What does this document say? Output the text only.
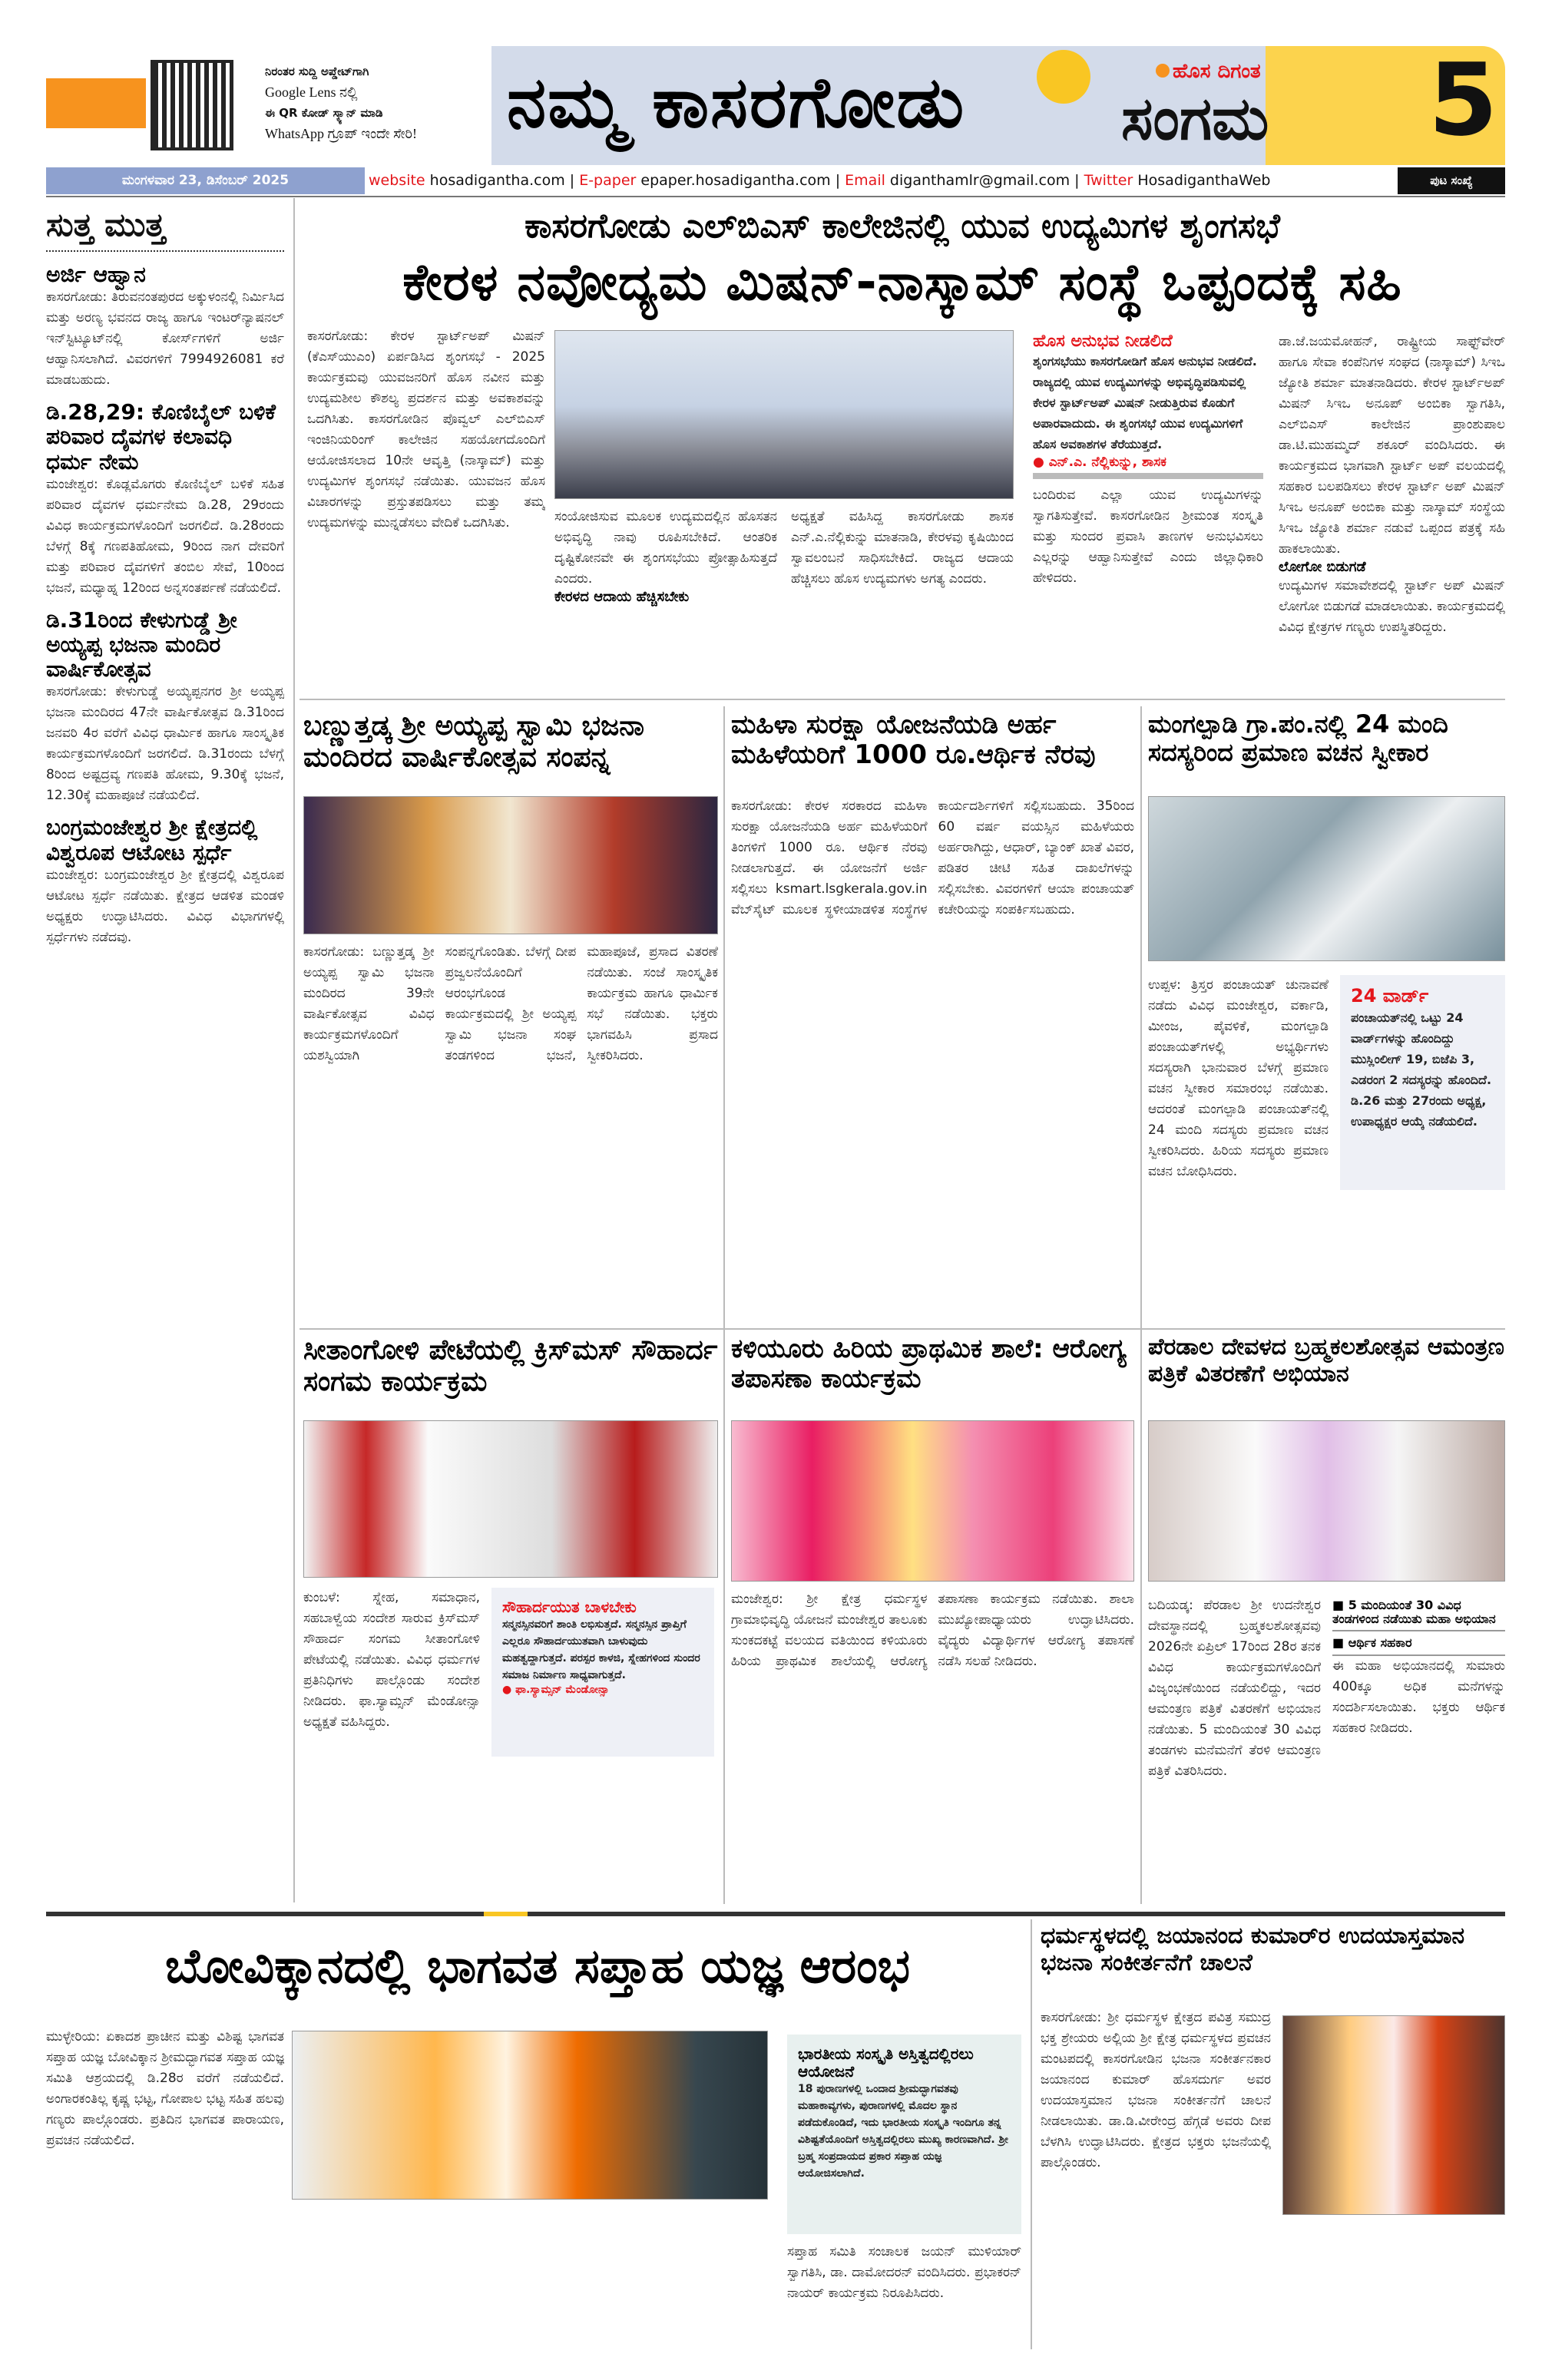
ನಿರಂತರ ಸುದ್ದಿ ಅಪ್ಡೇಟ್‌ಗಾಗಿ
Google Lens ನಲ್ಲಿ
ಈ QR ಕೋಡ್ ಸ್ಕ್ಯಾನ್ ಮಾಡಿ
WhatsApp ಗ್ರೂಪ್ ಇಂದೇ ಸೇರಿ!	ನಮ್ಮ ಕಾಸರಗೋಡು	ಹೊಸ ದಿಗಂತ
ಸಂಗಮ 5
ಮಂಗಳವಾರ 23, ಡಿಸೆಂಬರ್ 2025	website hosadigantha.com | E-paper epaper.hosadigantha.com | Email diganthamlr@gmail.com | Twitter HosadiganthaWeb	ಪುಟ ಸಂಖ್ಯೆ
ಸುತ್ತ ಮುತ್ತ
ಅರ್ಜಿ ಆಹ್ವಾನ

ಕಾಸರಗೋಡು: ತಿರುವನಂತಪುರದ ಅಕ್ಕುಳಂನಲ್ಲಿ ನಿರ್ಮಿಸಿದ ಮತ್ತು ಅರಣ್ಯ ಭವನದ ರಾಜ್ಯ ಹಾಗೂ ಇಂಟರ್‌ನ್ಯಾಷನಲ್ ಇನ್‌ಸ್ಟಿಟ್ಯೂಟ್‌ನಲ್ಲಿ ಕೋರ್ಸ್‌ಗಳಿಗೆ ಅರ್ಜಿ ಆಹ್ವಾನಿಸಲಾಗಿದೆ. ವಿವರಗಳಿಗೆ 7994926081 ಕರೆ ಮಾಡಬಹುದು.

ಡಿ.28,29: ಕೊಣಿಬೈಲ್ ಬಳಿಕೆ ಪರಿವಾರ ದೈವಗಳ ಕಲಾವಧಿ ಧರ್ಮ ನೇಮ

ಮಂಜೇಶ್ವರ: ಕೊಡ್ಲಮೊಗರು ಕೊಣಿಬೈಲ್ ಬಳಿಕೆ ಸಹಿತ ಪರಿವಾರ ದೈವಗಳ ಧರ್ಮನೇಮ ಡಿ.28, 29ರಂದು ವಿವಿಧ ಕಾರ್ಯಕ್ರಮಗಳೊಂದಿಗೆ ಜರಗಲಿದೆ. ಡಿ.28ರಂದು ಬೆಳಗ್ಗೆ 8ಕ್ಕೆ ಗಣಪತಿಹೋಮ, 9ರಿಂದ ನಾಗ ದೇವರಿಗೆ ಮತ್ತು ಪರಿವಾರ ದೈವಗಳಿಗೆ ತಂಬಿಲ ಸೇವೆ, 10ರಿಂದ ಭಜನೆ, ಮಧ್ಯಾಹ್ನ 12ರಿಂದ ಅನ್ನಸಂತರ್ಪಣೆ ನಡೆಯಲಿದೆ.

ಡಿ.31ರಿಂದ ಕೇಳುಗುಡ್ಡೆ ಶ್ರೀ ಅಯ್ಯಪ್ಪ ಭಜನಾ ಮಂದಿರ ವಾರ್ಷಿಕೋತ್ಸವ

ಕಾಸರಗೋಡು: ಕೇಳುಗುಡ್ಡೆ ಅಯ್ಯಪ್ಪನಗರ ಶ್ರೀ ಅಯ್ಯಪ್ಪ ಭಜನಾ ಮಂದಿರದ 47ನೇ ವಾರ್ಷಿಕೋತ್ಸವ ಡಿ.31ರಿಂದ ಜನವರಿ 4ರ ವರೆಗೆ ವಿವಿಧ ಧಾರ್ಮಿಕ ಹಾಗೂ ಸಾಂಸ್ಕೃತಿಕ ಕಾರ್ಯಕ್ರಮಗಳೊಂದಿಗೆ ಜರಗಲಿದೆ. ಡಿ.31ರಂದು ಬೆಳಗ್ಗೆ 8ರಿಂದ ಅಷ್ಟದ್ರವ್ಯ ಗಣಪತಿ ಹೋಮ, 9.30ಕ್ಕೆ ಭಜನೆ, 12.30ಕ್ಕೆ ಮಹಾಪೂಜೆ ನಡೆಯಲಿದೆ.

ಬಂಗ್ರಮಂಜೇಶ್ವರ ಶ್ರೀ ಕ್ಷೇತ್ರದಲ್ಲಿ ವಿಶ್ವರೂಪ ಆಟೋಟ ಸ್ಪರ್ಧೆ

ಮಂಜೇಶ್ವರ: ಬಂಗ್ರಮಂಜೇಶ್ವರ ಶ್ರೀ ಕ್ಷೇತ್ರದಲ್ಲಿ ವಿಶ್ವರೂಪ ಆಟೋಟ ಸ್ಪರ್ಧೆ ನಡೆಯಿತು. ಕ್ಷೇತ್ರದ ಆಡಳಿತ ಮಂಡಳಿ ಅಧ್ಯಕ್ಷರು ಉದ್ಘಾಟಿಸಿದರು. ವಿವಿಧ ವಿಭಾಗಗಳಲ್ಲಿ ಸ್ಪರ್ಧೆಗಳು ನಡೆದವು.

ಕಾಸರಗೋಡು ಎಲ್‌ಬಿಎಸ್ ಕಾಲೇಜಿನಲ್ಲಿ ಯುವ ಉದ್ಯಮಿಗಳ ಶೃಂಗಸಭೆ
ಕೇರಳ ನವೋದ್ಯಮ ಮಿಷನ್-ನಾಸ್ಕಾಮ್ ಸಂಸ್ಥೆ ಒಪ್ಪಂದಕ್ಕೆ ಸಹಿ

ಕಾಸರಗೋಡು: ಕೇರಳ ಸ್ಟಾರ್ಟ್‌ಅಪ್ ಮಿಷನ್ (ಕೆಎಸ್‌ಯುಎಂ) ಏರ್ಪಡಿಸಿದ ಶೃಂಗಸಭೆ - 2025 ಕಾರ್ಯಕ್ರಮವು ಯುವಜನರಿಗೆ ಹೊಸ ನವೀನ ಮತ್ತು ಉದ್ಯಮಶೀಲ ಕೌಶಲ್ಯ ಪ್ರದರ್ಶನ ಮತ್ತು ಅವಕಾಶವನ್ನು ಒದಗಿಸಿತು. ಕಾಸರಗೋಡಿನ ಪೊವ್ವಲ್ ಎಲ್‌ಬಿಎಸ್ ಇಂಜಿನಿಯರಿಂಗ್ ಕಾಲೇಜಿನ ಸಹಯೋಗದೊಂದಿಗೆ ಆಯೋಜಿಸಲಾದ 10ನೇ ಆವೃತ್ತಿ (ನಾಸ್ಕಾಮ್) ಮತ್ತು ಉದ್ಯಮಿಗಳ ಶೃಂಗಸಭೆ ನಡೆಯಿತು. ಯುವಜನ ಹೊಸ ವಿಚಾರಗಳನ್ನು ಪ್ರಸ್ತುತಪಡಿಸಲು ಮತ್ತು ತಮ್ಮ ಉದ್ಯಮಗಳನ್ನು ಮುನ್ನಡೆಸಲು ವೇದಿಕೆ ಒದಗಿಸಿತು.	ಸಂಯೋಜಿಸುವ ಮೂಲಕ ಉದ್ಯಮದಲ್ಲಿನ ಹೊಸತನ ಅಭಿವೃದ್ಧಿ ನಾವು ರೂಪಿಸಬೇಕಿದೆ. ಆಂತರಿಕ ದೃಷ್ಟಿಕೋನವೇ ಈ ಶೃಂಗಸಭೆಯು ಪ್ರೋತ್ಸಾಹಿಸುತ್ತದೆ ಎಂದರು.

ಕೇರಳದ ಆದಾಯ ಹೆಚ್ಚಿಸಬೇಕು

ಅಧ್ಯಕ್ಷತೆ ವಹಿಸಿದ್ದ ಕಾಸರಗೋಡು ಶಾಸಕ ಎನ್.ಎ.ನೆಲ್ಲಿಕುನ್ನು ಮಾತನಾಡಿ, ಕೇರಳವು ಕೃಷಿಯಿಂದ ಸ್ವಾವಲಂಬನೆ ಸಾಧಿಸಬೇಕಿದೆ. ರಾಜ್ಯದ ಆದಾಯ ಹೆಚ್ಚಿಸಲು ಹೊಸ ಉದ್ಯಮಗಳು ಅಗತ್ಯ ಎಂದರು.

ಹೊಸ ಅನುಭವ ನೀಡಲಿದೆ

ಶೃಂಗಸಭೆಯು ಕಾಸರಗೋಡಿಗೆ ಹೊಸ ಅನುಭವ ನೀಡಲಿದೆ. ರಾಜ್ಯದಲ್ಲಿ ಯುವ ಉದ್ಯಮಿಗಳನ್ನು ಅಭಿವೃದ್ಧಿಪಡಿಸುವಲ್ಲಿ ಕೇರಳ ಸ್ಟಾರ್ಟ್‌ಅಪ್ ಮಿಷನ್ ನೀಡುತ್ತಿರುವ ಕೊಡುಗೆ ಅಪಾರವಾದುದು. ಈ ಶೃಂಗಸಭೆ ಯುವ ಉದ್ಯಮಿಗಳಿಗೆ ಹೊಸ ಅವಕಾಶಗಳ ತೆರೆಯುತ್ತದೆ.

● ಎನ್.ಎ. ನೆಲ್ಲಿಕುನ್ನು, ಶಾಸಕ

ಬಂದಿರುವ ಎಲ್ಲಾ ಯುವ ಉದ್ಯಮಿಗಳನ್ನು ಸ್ವಾಗತಿಸುತ್ತೇವೆ. ಕಾಸರಗೋಡಿನ ಶ್ರೀಮಂತ ಸಂಸ್ಕೃತಿ ಮತ್ತು ಸುಂದರ ಪ್ರವಾಸಿ ತಾಣಗಳ ಅನುಭವಿಸಲು ಎಲ್ಲರನ್ನು ಆಹ್ವಾನಿಸುತ್ತೇವೆ ಎಂದು ಜಿಲ್ಲಾಧಿಕಾರಿ ಹೇಳಿದರು.

ಡಾ.ಜೆ.ಜಯಮೋಹನ್, ರಾಷ್ಟ್ರೀಯ ಸಾಫ್ಟ್‌ವೇರ್ ಹಾಗೂ ಸೇವಾ ಕಂಪೆನಿಗಳ ಸಂಘದ (ನಾಸ್ಕಾಮ್) ಸಿಇಒ ಜ್ಯೋತಿ ಶರ್ಮಾ ಮಾತನಾಡಿದರು. ಕೇರಳ ಸ್ಟಾರ್ಟ್‌ಅಪ್ ಮಿಷನ್ ಸಿಇಒ ಅನೂಪ್ ಅಂಬಿಕಾ ಸ್ವಾಗತಿಸಿ, ಎಲ್‌ಬಿಎಸ್ ಕಾಲೇಜಿನ ಪ್ರಾಂಶುಪಾಲ ಡಾ.ಟಿ.ಮುಹಮ್ಮದ್ ಶಕೂರ್ ವಂದಿಸಿದರು. ಈ ಕಾರ್ಯಕ್ರಮದ ಭಾಗವಾಗಿ ಸ್ಟಾರ್ಟ್ ಅಪ್ ವಲಯದಲ್ಲಿ ಸಹಕಾರ ಬಲಪಡಿಸಲು ಕೇರಳ ಸ್ಟಾರ್ಟ್ ಅಪ್ ಮಿಷನ್ ಸಿಇಒ ಅನೂಪ್ ಅಂಬಿಕಾ ಮತ್ತು ನಾಸ್ಕಾಮ್ ಸಂಸ್ಥೆಯ ಸಿಇಒ ಜ್ಯೋತಿ ಶರ್ಮಾ ನಡುವೆ ಒಪ್ಪಂದ ಪತ್ರಕ್ಕೆ ಸಹಿ ಹಾಕಲಾಯಿತು.

ಲೋಗೋ ಬಿಡುಗಡೆ

ಉದ್ಯಮಿಗಳ ಸಮಾವೇಶದಲ್ಲಿ ಸ್ಟಾರ್ಟ್ ಅಪ್ ಮಿಷನ್ ಲೋಗೋ ಬಿಡುಗಡೆ ಮಾಡಲಾಯಿತು. ಕಾರ್ಯಕ್ರಮದಲ್ಲಿ ವಿವಿಧ ಕ್ಷೇತ್ರಗಳ ಗಣ್ಯರು ಉಪಸ್ಥಿತರಿದ್ದರು.

ಬಣ್ಣುತ್ತಡ್ಕ ಶ್ರೀ ಅಯ್ಯಪ್ಪ ಸ್ವಾಮಿ ಭಜನಾ ಮಂದಿರದ ವಾರ್ಷಿಕೋತ್ಸವ ಸಂಪನ್ನ

ಕಾಸರಗೋಡು: ಬಣ್ಣುತ್ತಡ್ಕ ಶ್ರೀ ಅಯ್ಯಪ್ಪ ಸ್ವಾಮಿ ಭಜನಾ ಮಂದಿರದ 39ನೇ ವಾರ್ಷಿಕೋತ್ಸವ ವಿವಿಧ ಕಾರ್ಯಕ್ರಮಗಳೊಂದಿಗೆ ಯಶಸ್ವಿಯಾಗಿ ಸಂಪನ್ನಗೊಂಡಿತು. ಬೆಳಗ್ಗೆ ದೀಪ ಪ್ರಜ್ವಲನೆಯೊಂದಿಗೆ ಆರಂಭಗೊಂಡ ಕಾರ್ಯಕ್ರಮದಲ್ಲಿ ಶ್ರೀ ಅಯ್ಯಪ್ಪ ಸ್ವಾಮಿ ಭಜನಾ ಸಂಘ ತಂಡಗಳಿಂದ ಭಜನೆ, ಮಹಾಪೂಜೆ, ಪ್ರಸಾದ ವಿತರಣೆ ನಡೆಯಿತು. ಸಂಜೆ ಸಾಂಸ್ಕೃತಿಕ ಕಾರ್ಯಕ್ರಮ ಹಾಗೂ ಧಾರ್ಮಿಕ ಸಭೆ ನಡೆಯಿತು. ಭಕ್ತರು ಭಾಗವಹಿಸಿ ಪ್ರಸಾದ ಸ್ವೀಕರಿಸಿದರು.

ಮಹಿಳಾ ಸುರಕ್ಷಾ ಯೋಜನೆಯಡಿ ಅರ್ಹ ಮಹಿಳೆಯರಿಗೆ 1000 ರೂ.ಆರ್ಥಿಕ ನೆರವು

ಕಾಸರಗೋಡು: ಕೇರಳ ಸರಕಾರದ ಮಹಿಳಾ ಸುರಕ್ಷಾ ಯೋಜನೆಯಡಿ ಅರ್ಹ ಮಹಿಳೆಯರಿಗೆ ತಿಂಗಳಿಗೆ 1000 ರೂ. ಆರ್ಥಿಕ ನೆರವು ನೀಡಲಾಗುತ್ತದೆ. ಈ ಯೋಜನೆಗೆ ಅರ್ಜಿ ಸಲ್ಲಿಸಲು ksmart.lsgkerala.gov.in ವೆಬ್‌ಸೈಟ್ ಮೂಲಕ ಸ್ಥಳೀಯಾಡಳಿತ ಸಂಸ್ಥೆಗಳ ಕಾರ್ಯದರ್ಶಿಗಳಿಗೆ ಸಲ್ಲಿಸಬಹುದು. 35ರಿಂದ 60 ವರ್ಷ ವಯಸ್ಸಿನ ಮಹಿಳೆಯರು ಅರ್ಹರಾಗಿದ್ದು, ಆಧಾರ್, ಬ್ಯಾಂಕ್ ಖಾತೆ ವಿವರ, ಪಡಿತರ ಚೀಟಿ ಸಹಿತ ದಾಖಲೆಗಳನ್ನು ಸಲ್ಲಿಸಬೇಕು. ವಿವರಗಳಿಗೆ ಆಯಾ ಪಂಚಾಯತ್ ಕಚೇರಿಯನ್ನು ಸಂಪರ್ಕಿಸಬಹುದು.

ಮಂಗಲ್ಪಾಡಿ ಗ್ರಾ.ಪಂ.ನಲ್ಲಿ 24 ಮಂದಿ ಸದಸ್ಯರಿಂದ ಪ್ರಮಾಣ ವಚನ ಸ್ವೀಕಾರ

ಉಪ್ಪಳ: ತ್ರಿಸ್ತರ ಪಂಚಾಯತ್ ಚುನಾವಣೆ ನಡೆದು ವಿವಿಧ ಮಂಜೇಶ್ವರ, ವರ್ಕಾಡಿ, ಮೀಂಜ, ಪೈವಳಿಕೆ, ಮಂಗಲ್ಪಾಡಿ ಪಂಚಾಯತ್‌ಗಳಲ್ಲಿ ಅಭ್ಯರ್ಥಿಗಳು ಸದಸ್ಯರಾಗಿ ಭಾನುವಾರ ಬೆಳಗ್ಗೆ ಪ್ರಮಾಣ ವಚನ ಸ್ವೀಕಾರ ಸಮಾರಂಭ ನಡೆಯಿತು. ಆದರಂತೆ ಮಂಗಲ್ಪಾಡಿ ಪಂಚಾಯತ್‌ನಲ್ಲಿ 24 ಮಂದಿ ಸದಸ್ಯರು ಪ್ರಮಾಣ ವಚನ ಸ್ವೀಕರಿಸಿದರು. ಹಿರಿಯ ಸದಸ್ಯರು ಪ್ರಮಾಣ ವಚನ ಬೋಧಿಸಿದರು.

24 ವಾರ್ಡ್

ಪಂಚಾಯತ್‌ನಲ್ಲಿ ಒಟ್ಟು 24 ವಾರ್ಡ್‌ಗಳನ್ನು ಹೊಂದಿದ್ದು ಮುಸ್ಲಿಂಲೀಗ್ 19, ಬಿಜೆಪಿ 3, ಎಡರಂಗ 2 ಸದಸ್ಯರನ್ನು ಹೊಂದಿದೆ. ಡಿ.26 ಮತ್ತು 27ರಂದು ಅಧ್ಯಕ್ಷ, ಉಪಾಧ್ಯಕ್ಷರ ಆಯ್ಕೆ ನಡೆಯಲಿದೆ.

ಸೀತಾಂಗೋಳಿ ಪೇಟೆಯಲ್ಲಿ ಕ್ರಿಸ್‌ಮಸ್ ಸೌಹಾರ್ದ ಸಂಗಮ ಕಾರ್ಯಕ್ರಮ

ಕುಂಬಳೆ: ಸ್ನೇಹ, ಸಮಾಧಾನ, ಸಹಬಾಳ್ವೆಯ ಸಂದೇಶ ಸಾರುವ ಕ್ರಿಸ್‌ಮಸ್ ಸೌಹಾರ್ದ ಸಂಗಮ ಸೀತಾಂಗೋಳಿ ಪೇಟೆಯಲ್ಲಿ ನಡೆಯಿತು. ವಿವಿಧ ಧರ್ಮಗಳ ಪ್ರತಿನಿಧಿಗಳು ಪಾಲ್ಗೊಂಡು ಸಂದೇಶ ನೀಡಿದರು. ಫಾ.ಸ್ಯಾಮ್ಸನ್ ಮೆಂಡೋನ್ಸಾ ಅಧ್ಯಕ್ಷತೆ ವಹಿಸಿದ್ದರು.

ಸೌಹಾರ್ದಯುತ ಬಾಳಬೇಕು

ಸನ್ಮನಸ್ಸಿನವರಿಗೆ ಶಾಂತಿ ಲಭಿಸುತ್ತದೆ. ಸನ್ಮನಸ್ಸಿನ ಪ್ರಾಪ್ತಿಗೆ ಎಲ್ಲರೂ ಸೌಹಾರ್ದಯುತವಾಗಿ ಬಾಳುವುದು ಮಹತ್ವದ್ದಾಗುತ್ತದೆ. ಪರಸ್ಪರ ಕಾಳಜಿ, ಸ್ನೇಹಗಳಿಂದ ಸುಂದರ ಸಮಾಜ ನಿರ್ಮಾಣ ಸಾಧ್ಯವಾಗುತ್ತದೆ.

● ಫಾ.ಸ್ಯಾಮ್ಸನ್ ಮೆಂಡೋನ್ಸಾ
ಕಳಿಯೂರು ಹಿರಿಯ ಪ್ರಾಥಮಿಕ ಶಾಲೆ: ಆರೋಗ್ಯ ತಪಾಸಣಾ ಕಾರ್ಯಕ್ರಮ

ಮಂಜೇಶ್ವರ: ಶ್ರೀ ಕ್ಷೇತ್ರ ಧರ್ಮಸ್ಥಳ ಗ್ರಾಮಾಭಿವೃದ್ಧಿ ಯೋಜನೆ ಮಂಜೇಶ್ವರ ತಾಲೂಕು ಸುಂಕದಕಟ್ಟೆ ವಲಯದ ವತಿಯಿಂದ ಕಳಿಯೂರು ಹಿರಿಯ ಪ್ರಾಥಮಿಕ ಶಾಲೆಯಲ್ಲಿ ಆರೋಗ್ಯ ತಪಾಸಣಾ ಕಾರ್ಯಕ್ರಮ ನಡೆಯಿತು. ಶಾಲಾ ಮುಖ್ಯೋಪಾಧ್ಯಾಯರು ಉದ್ಘಾಟಿಸಿದರು. ವೈದ್ಯರು ವಿದ್ಯಾರ್ಥಿಗಳ ಆರೋಗ್ಯ ತಪಾಸಣೆ ನಡೆಸಿ ಸಲಹೆ ನೀಡಿದರು.

ಪೆರಡಾಲ ದೇವಳದ ಬ್ರಹ್ಮಕಲಶೋತ್ಸವ ಆಮಂತ್ರಣ ಪತ್ರಿಕೆ ವಿತರಣೆಗೆ ಅಭಿಯಾನ

ಬದಿಯಡ್ಕ: ಪೆರಡಾಲ ಶ್ರೀ ಉದನೇಶ್ವರ ದೇವಸ್ಥಾನದಲ್ಲಿ ಬ್ರಹ್ಮಕಲಶೋತ್ಸವವು 2026ನೇ ಏಪ್ರಿಲ್ 17ರಿಂದ 28ರ ತನಕ ವಿವಿಧ ಕಾರ್ಯಕ್ರಮಗಳೊಂದಿಗೆ ವಿಜೃಂಭಣೆಯಿಂದ ನಡೆಯಲಿದ್ದು, ಇದರ ಆಮಂತ್ರಣ ಪತ್ರಿಕೆ ವಿತರಣೆಗೆ ಅಭಿಯಾನ ನಡೆಯಿತು. 5 ಮಂದಿಯಂತೆ 30 ವಿವಿಧ ತಂಡಗಳು ಮನೆಮನೆಗೆ ತೆರಳಿ ಆಮಂತ್ರಣ ಪತ್ರಿಕೆ ವಿತರಿಸಿದರು.

■ 5 ಮಂದಿಯಂತೆ 30 ವಿವಿಧ ತಂಡಗಳಿಂದ ನಡೆಯಿತು ಮಹಾ ಅಭಿಯಾನ
■ ಆರ್ಥಿಕ ಸಹಕಾರ

ಈ ಮಹಾ ಅಭಿಯಾನದಲ್ಲಿ ಸುಮಾರು 400ಕ್ಕೂ ಅಧಿಕ ಮನೆಗಳನ್ನು ಸಂದರ್ಶಿಸಲಾಯಿತು. ಭಕ್ತರು ಆರ್ಥಿಕ ಸಹಕಾರ ನೀಡಿದರು.

ಬೋವಿಕ್ಕಾನದಲ್ಲಿ ಭಾಗವತ ಸಪ್ತಾಹ ಯಜ್ಞ ಆರಂಭ

ಮುಳ್ಳೇರಿಯ: ಏಕಾದಶ ಪ್ರಾಚೀನ ಮತ್ತು ವಿಶಿಷ್ಟ ಭಾಗವತ ಸಪ್ತಾಹ ಯಜ್ಞ ಬೋವಿಕ್ಕಾನ ಶ್ರೀಮದ್ಭಾಗವತ ಸಪ್ತಾಹ ಯಜ್ಞ ಸಮಿತಿ ಆಶ್ರಯದಲ್ಲಿ ಡಿ.28ರ ವರೆಗೆ ನಡೆಯಲಿದೆ. ಅಂಗಾರಕಂತಿಲ್ಲ ಕೃಷ್ಣ ಭಟ್ಟ, ಗೋಪಾಲ ಭಟ್ಟ ಸಹಿತ ಹಲವು ಗಣ್ಯರು ಪಾಲ್ಗೊಂಡರು. ಪ್ರತಿದಿನ ಭಾಗವತ ಪಾರಾಯಣ, ಪ್ರವಚನ ನಡೆಯಲಿದೆ.

ಭಾರತೀಯ ಸಂಸ್ಕೃತಿ ಅಸ್ತಿತ್ವದಲ್ಲಿರಲು ಆಯೋಜನೆ

18 ಪುರಾಣಗಳಲ್ಲಿ ಒಂದಾದ ಶ್ರೀಮದ್ಭಾಗವತವು ಮಹಾಕಾವ್ಯಗಳು, ಪುರಾಣಗಳಲ್ಲಿ ಮೊದಲ ಸ್ಥಾನ ಪಡೆದುಕೊಂಡಿದೆ, ಇದು ಭಾರತೀಯ ಸಂಸ್ಕೃತಿ ಇಂದಿಗೂ ತನ್ನ ವಿಶಿಷ್ಟತೆಯೊಂದಿಗೆ ಅಸ್ತಿತ್ವದಲ್ಲಿರಲು ಮುಖ್ಯ ಕಾರಣವಾಗಿದೆ. ಶ್ರೀ ಬ್ರಹ್ಮ ಸಂಪ್ರದಾಯದ ಪ್ರಕಾರ ಸಪ್ತಾಹ ಯಜ್ಞ ಆಯೋಜಿಸಲಾಗಿದೆ.

ಸಪ್ತಾಹ ಸಮಿತಿ ಸಂಚಾಲಕ ಜಯನ್ ಮುಳಿಯಾರ್ ಸ್ವಾಗತಿಸಿ, ಡಾ. ದಾಮೋದರನ್ ವಂದಿಸಿದರು. ಪ್ರಭಾಕರನ್ ನಾಯರ್ ಕಾರ್ಯಕ್ರಮ ನಿರೂಪಿಸಿದರು.

ಧರ್ಮಸ್ಥಳದಲ್ಲಿ ಜಯಾನಂದ ಕುಮಾರ್‌ರ ಉದಯಾಸ್ತಮಾನ ಭಜನಾ ಸಂಕೀರ್ತನೆಗೆ ಚಾಲನೆ

ಕಾಸರಗೋಡು: ಶ್ರೀ ಧರ್ಮಸ್ಥಳ ಕ್ಷೇತ್ರದ ಪವಿತ್ರ ಸಮುದ್ರ ಭಕ್ತ ಶ್ರೇಯರು ಅಲ್ಲಿಯ ಶ್ರೀ ಕ್ಷೇತ್ರ ಧರ್ಮಸ್ಥಳದ ಪ್ರವಚನ ಮಂಟಪದಲ್ಲಿ ಕಾಸರಗೋಡಿನ ಭಜನಾ ಸಂಕೀರ್ತನಕಾರ ಜಯಾನಂದ ಕುಮಾರ್ ಹೊಸದುರ್ಗ ಅವರ ಉದಯಾಸ್ತಮಾನ ಭಜನಾ ಸಂಕೀರ್ತನೆಗೆ ಚಾಲನೆ ನೀಡಲಾಯಿತು. ಡಾ.ಡಿ.ವೀರೇಂದ್ರ ಹೆಗ್ಗಡೆ ಅವರು ದೀಪ ಬೆಳಗಿಸಿ ಉದ್ಘಾಟಿಸಿದರು. ಕ್ಷೇತ್ರದ ಭಕ್ತರು ಭಜನೆಯಲ್ಲಿ ಪಾಲ್ಗೊಂಡರು.
